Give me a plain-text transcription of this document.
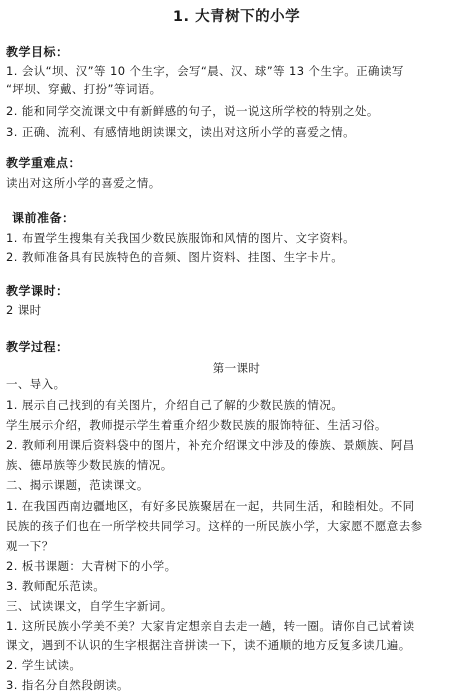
1. 大青树下的小学
教学目标：
1. 会认“坝、汉”等 10 个生字，会写“晨、汉、球”等 13 个生字。正确读写
“坪坝、穿戴、打扮”等词语。
2. 能和同学交流课文中有新鲜感的句子，说一说这所学校的特别之处。
3. 正确、流利、有感情地朗读课文，读出对这所小学的喜爱之情。
教学重难点：
读出对这所小学的喜爱之情。
课前准备：
1. 布置学生搜集有关我国少数民族服饰和风情的图片、文字资料。
2. 教师准备具有民族特色的音频、图片资料、挂图、生字卡片。
教学课时：
2 课时
教学过程：
第一课时
一、导入。
1. 展示自己找到的有关图片，介绍自己了解的少数民族的情况。
学生展示介绍，教师提示学生着重介绍少数民族的服饰特征、生活习俗。
2. 教师利用课后资料袋中的图片，补充介绍课文中涉及的傣族、景颇族、阿昌
族、德昂族等少数民族的情况。
二、揭示课题，范读课文。
1. 在我国西南边疆地区，有好多民族聚居在一起，共同生活，和睦相处。不同
民族的孩子们也在一所学校共同学习。这样的一所民族小学，大家愿不愿意去参
观一下？
2. 板书课题：大青树下的小学。
3. 教师配乐范读。
三、试读课文，自学生字新词。
1. 这所民族小学美不美？大家肯定想亲自去走一趟，转一圈。请你自己试着读
课文，遇到不认识的生字根据注音拼读一下，读不通顺的地方反复多读几遍。
2. 学生试读。
3. 指名分自然段朗读。
